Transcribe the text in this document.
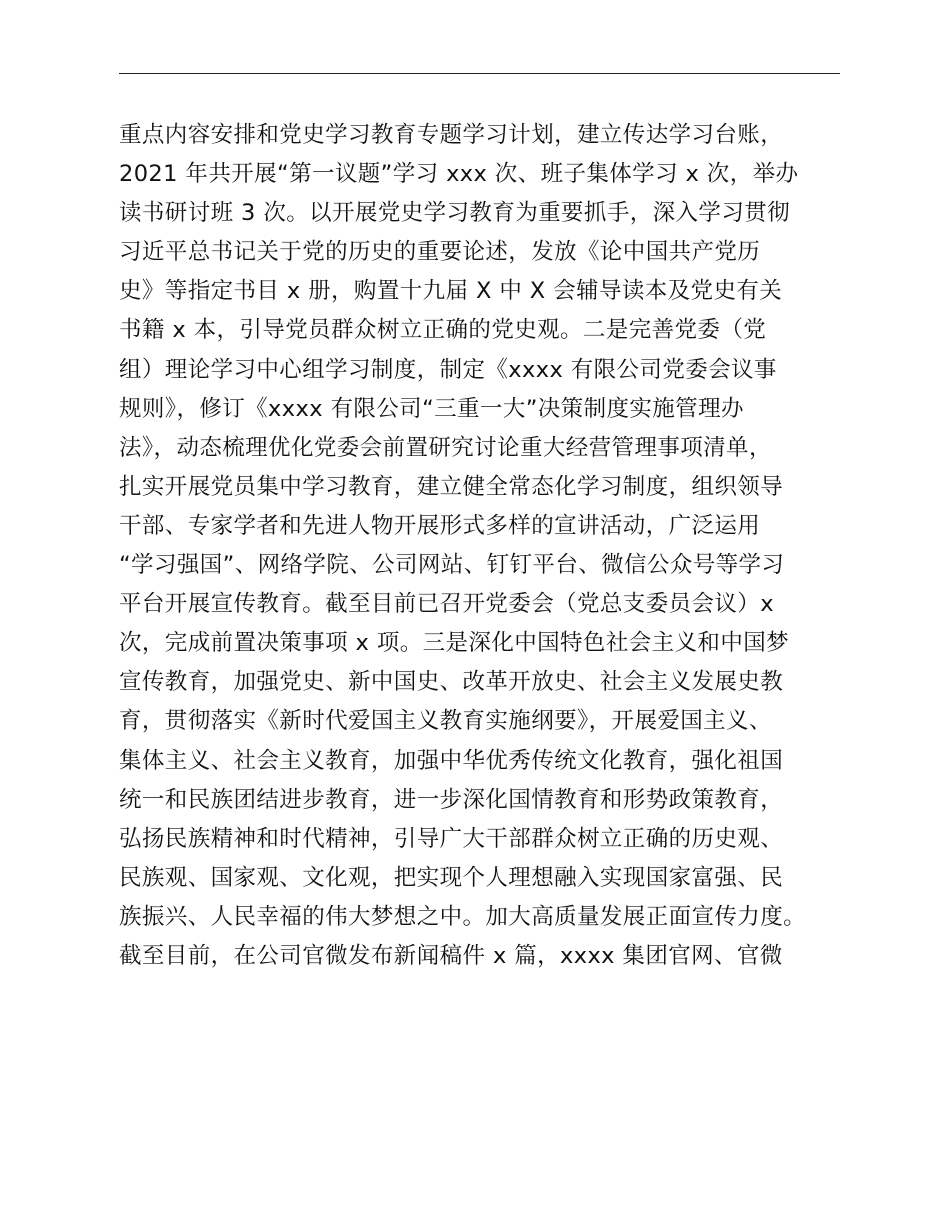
重点内容安排和党史学习教育专题学习计划，建立传达学习台账，
2021 年共开展“第一议题”学习 xxx 次、班子集体学习 x 次，举办
读书研讨班 3 次。以开展党史学习教育为重要抓手，深入学习贯彻
习近平总书记关于党的历史的重要论述，发放《论中国共产党历
史》等指定书目 x 册，购置十九届 X 中 X 会辅导读本及党史有关
书籍 x 本，引导党员群众树立正确的党史观。二是完善党委（党
组）理论学习中心组学习制度，制定《xxxx 有限公司党委会议事
规则》，修订《xxxx 有限公司“三重一大”决策制度实施管理办
法》，动态梳理优化党委会前置研究讨论重大经营管理事项清单，
扎实开展党员集中学习教育，建立健全常态化学习制度，组织领导
干部、专家学者和先进人物开展形式多样的宣讲活动，广泛运用
“学习强国”、网络学院、公司网站、钉钉平台、微信公众号等学习
平台开展宣传教育。截至目前已召开党委会（党总支委员会议）x
次，完成前置决策事项 x 项。三是深化中国特色社会主义和中国梦
宣传教育，加强党史、新中国史、改革开放史、社会主义发展史教
育，贯彻落实《新时代爱国主义教育实施纲要》，开展爱国主义、
集体主义、社会主义教育，加强中华优秀传统文化教育，强化祖国
统一和民族团结进步教育，进一步深化国情教育和形势政策教育，
弘扬民族精神和时代精神，引导广大干部群众树立正确的历史观、
民族观、国家观、文化观，把实现个人理想融入实现国家富强、民
族振兴、人民幸福的伟大梦想之中。加大高质量发展正面宣传力度。
截至目前，在公司官微发布新闻稿件 x 篇，xxxx 集团官网、官微
